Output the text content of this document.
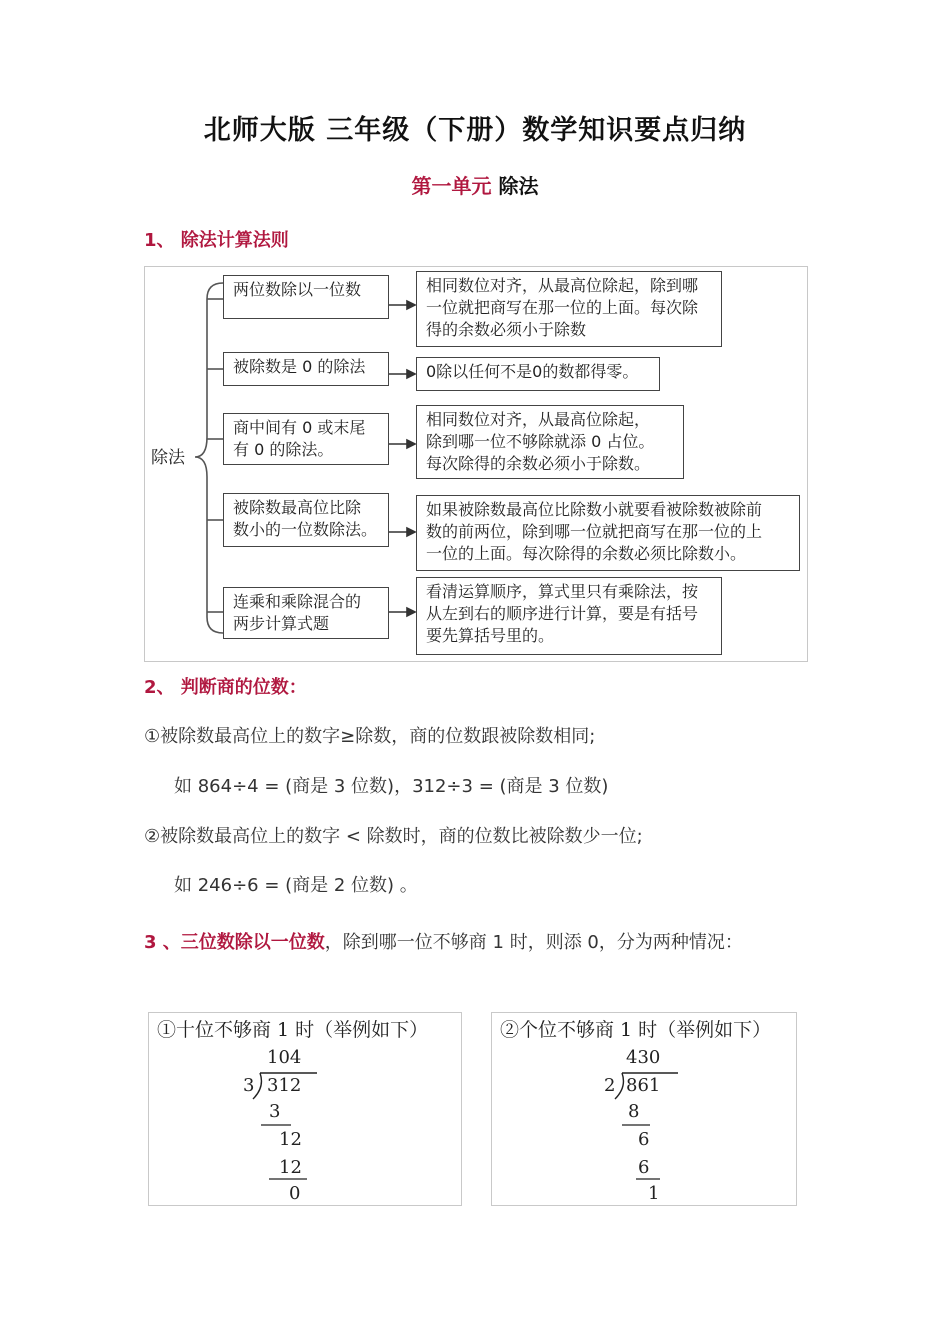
北师大版 三年级（下册）数学知识要点归纳
第一单元 除法
1、 除法计算法则
除法
两位数除以一位数	相同数位对齐，从最高位除起，除到哪
一位就把商写在那一位的上面。每次除
得的余数必须小于除数
被除数是 0 的除法	0除以任何不是0的数都得零。
商中间有 0 或末尾
有 0 的除法。
相同数位对齐，从最高位除起，
除到哪一位不够除就添 0 占位。
每次除得的余数必须小于除数。
被除数最高位比除
数小的一位数除法。
如果被除数最高位比除数小就要看被除数被除前
数的前两位，除到哪一位就把商写在那一位的上
一位的上面。每次除得的余数必须比除数小。
连乘和乘除混合的
两步计算式题
看清运算顺序，算式里只有乘除法，按
从左到右的顺序进行计算，要是有括号
要先算括号里的。
2、 判断商的位数：
①被除数最高位上的数字≥除数，商的位数跟被除数相同;
如 864÷4 = (商是 3 位数)，312÷3 = (商是 3 位数)
②被除数最高位上的数字 < 除数时，商的位数比被除数少一位;
如 246÷6 = (商是 2 位数) 。
3 、三位数除以一位数，除到哪一位不够商 1 时，则添 0，分为两种情况：
①十位不够商 1 时（举例如下）
104
3 312
3
12
12
0
②个位不够商 1 时（举例如下）
430
2 861
8
6
6
1
